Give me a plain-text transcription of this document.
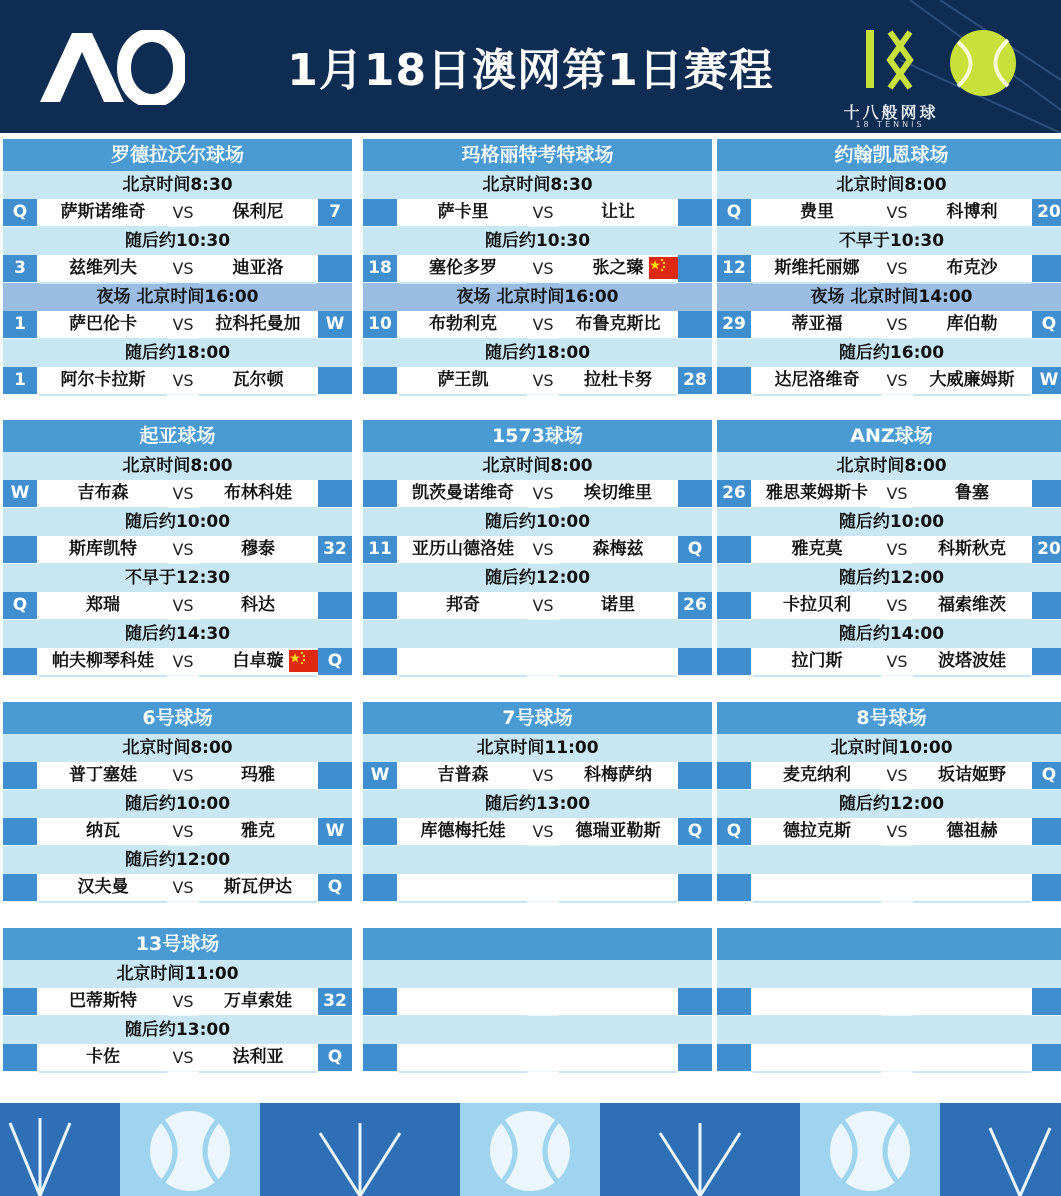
1月18日澳网第1日赛程
十八般网球
18 TENNIS
罗德拉沃尔球场
北京时间8:30
Q	萨斯诺维奇	VS	保利尼	7
随后约10:30
3	兹维列夫	VS	迪亚洛
夜场 北京时间16:00
1	萨巴伦卡	VS	拉科托曼加	W
随后约18:00
1	阿尔卡拉斯	VS	瓦尔顿
玛格丽特考特球场
北京时间8:30
萨卡里	VS	让让
随后约10:30
18	塞伦多罗	VS	张之臻
夜场 北京时间16:00
10	布勃利克	VS	布鲁克斯比
随后约18:00
萨王凯	VS	拉杜卡努	28
约翰凯恩球场
北京时间8:00
Q	费里	VS	科博利	20
不早于10:30
12	斯维托丽娜	VS	布克沙
夜场 北京时间14:00
29	蒂亚福	VS	库伯勒	Q
随后约16:00
达尼洛维奇	VS	大威廉姆斯	W
起亚球场
北京时间8:00
W	吉布森	VS	布林科娃
随后约10:00
斯库凯特	VS	穆泰	32
不早于12:30
Q	郑瑞	VS	科达
随后约14:30
帕夫柳琴科娃	VS	白卓璇	Q
1573球场
北京时间8:00
凯茨曼诺维奇	VS	埃切维里
随后约10:00
11	亚历山德洛娃	VS	森梅兹	Q
随后约12:00
邦奇	VS	诺里	26
ANZ球场
北京时间8:00
26	雅思莱姆斯卡	VS	鲁塞
随后约10:00
雅克莫	VS	科斯秋克	20
随后约12:00
卡拉贝利	VS	福索维茨
随后约14:00
拉门斯	VS	波塔波娃
6号球场
北京时间8:00
普丁塞娃	VS	玛雅
随后约10:00
纳瓦	VS	雅克	W
随后约12:00
汉夫曼	VS	斯瓦伊达	Q
7号球场
北京时间11:00
W	吉普森	VS	科梅萨纳
随后约13:00
库德梅托娃	VS	德瑞亚勒斯	Q
8号球场
北京时间10:00
麦克纳利	VS	坂诘姬野	Q
随后约12:00
Q	德拉克斯	VS	德祖赫
13号球场
北京时间11:00
巴蒂斯特	VS	万卓索娃	32
随后约13:00
卡佐	VS	法利亚	Q
